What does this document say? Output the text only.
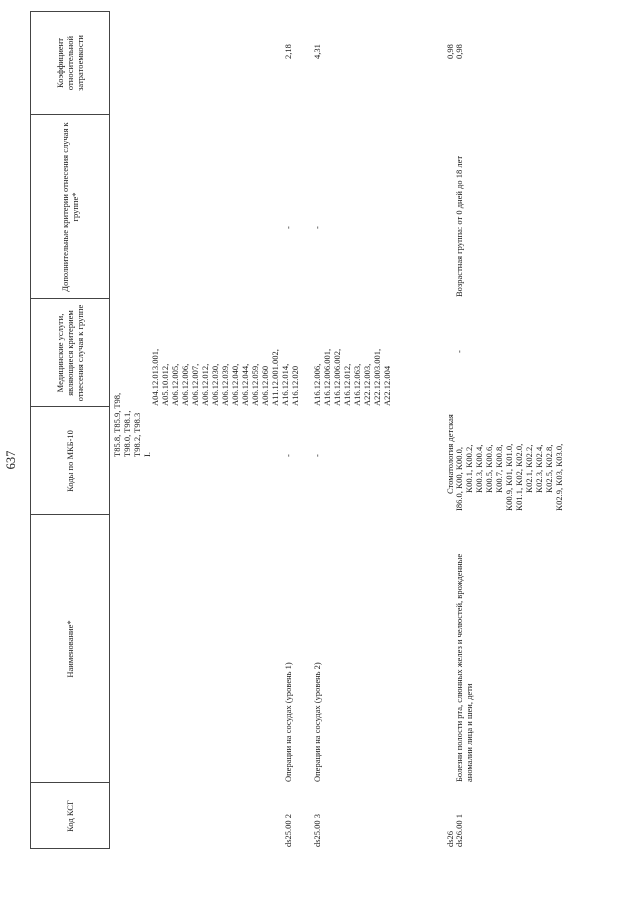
637
Код КСГ
Наименование*
Коды по МКБ-10
Медицинские услуги, являющиеся критерием отнесения случая к группе
Дополнительные критерии отнесения случая к группе*
Коэффициент относительной затратоемкости
T85.8, T85.9, T98, T98.0, T98.1, T98.2, T98.3 I.
ds25.00 2
Операции на сосудах (уровень 1)
-
A04.12.013.001, A05.10.012, A06.12.005, A06.12.006, A06.12.007, A06.12.012, A06.12.030, A06.12.039, A06.12.040, A06.12.044, A06.12.059, A06.12.060 A11.12.001.002, A16.12.014, A16.12.020
-
2,18
ds25.00 3
Операции на сосудах (уровень 2)
-
A16.12.006, A16.12.006.001, A16.12.006.002, A16.12.012, A16.12.063, A22.12.003, A22.12.003.001, A22.12.004
-
4,31
ds26
Стоматология детская
ds26.00 1
Болезни полости рта, слюнных желез и челюстей, врожденные аномалии лица и шеи, дети
I86.0, K00, K00.0, K00.1, K00.2, K00.3, K00.4, K00.5, K00.6, K00.7, K00.8, K00.9, K01, K01.0, K01.1, K02, K02.0, K02.1, K02.2, K02.3, K02.4, K02.5, K02.8, K02.9, K03, K03.0,
-
Возрастная группа: от 0 дней до 18 лет
0,98 0,98
